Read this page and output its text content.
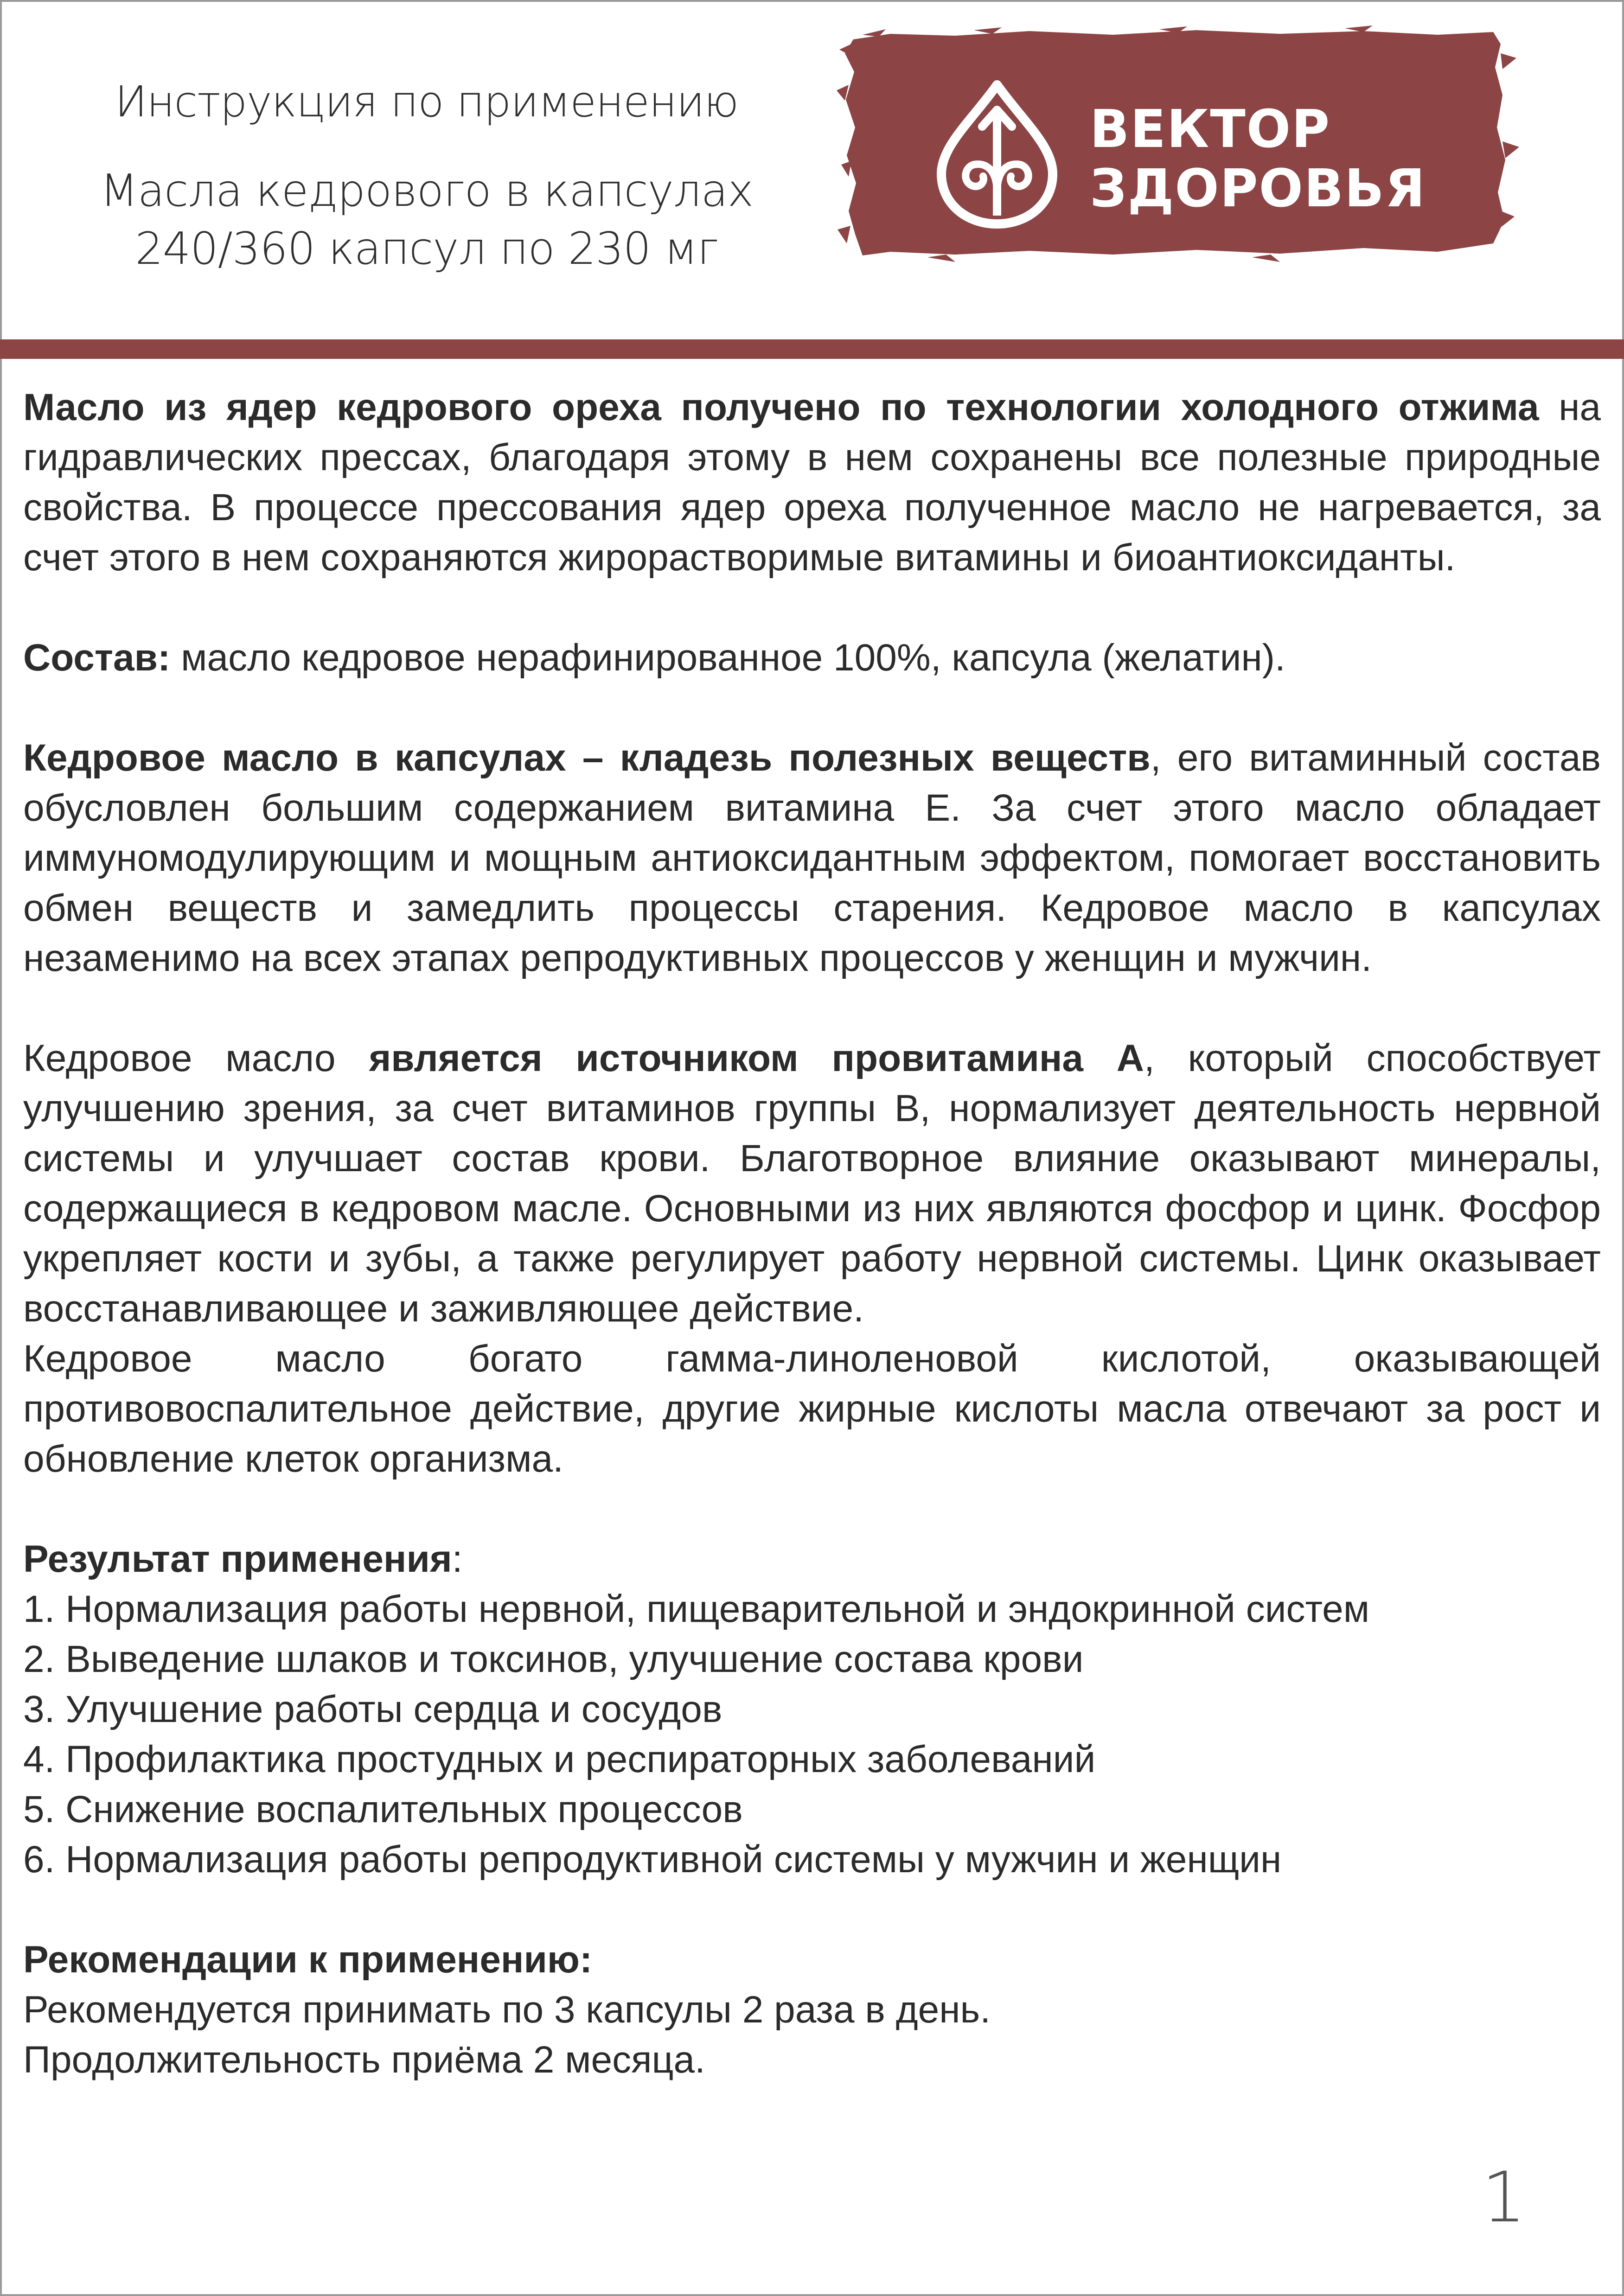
Инструкция по применению
Масла кедрового в капсулах
240/360 капсул по 230 мг
ВЕКТОР
ЗДОРОВЬЯ

Масло из ядер кедрового ореха получено по технологии холодного отжима на гидравлических прессах, благодаря этому в нем сохранены все полезные природные свойства. В процессе прессования ядер ореха полученное масло не нагревается, за счет этого в нем сохраняются жирорастворимые витамины и биоантиоксиданты.

Состав: масло кедровое нерафинированное 100%, капсула (желатин).

Кедровое масло в капсулах – кладезь полезных веществ, его витаминный состав обусловлен большим содержанием витамина Е. За счет этого масло обладает иммуномодулирующим и мощным антиоксидантным эффектом, помогает восстановить обмен веществ и замедлить процессы старения. Кедровое масло в капсулах незаменимо на всех этапах репродуктивных процессов у женщин и мужчин.

Кедровое масло является источником провитамина А, который способствует улучшению зрения, за счет витаминов группы В, нормализует деятельность нервной системы и улучшает состав крови. Благотворное влияние оказывают минералы, содержащиеся в кедровом масле. Основными из них являются фосфор и цинк. Фосфор укрепляет кости и зубы, а также регулирует работу нервной системы. Цинк оказывает восстанавливающее и заживляющее действие.

Кедровое масло богато гамма-линоленовой кислотой, оказывающей противовоспалительное действие, другие жирные кислоты масла отвечают за рост и обновление клеток организма.

Результат применения:

1. Нормализация работы нервной, пищеварительной и эндокринной систем

2. Выведение шлаков и токсинов, улучшение состава крови

3. Улучшение работы сердца и сосудов

4. Профилактика простудных и респираторных заболеваний

5. Снижение воспалительных процессов

6. Нормализация работы репродуктивной системы у мужчин и женщин

Рекомендации к применению:

Рекомендуется принимать по 3 капсулы 2 раза в день.

Продолжительность приёма 2 месяца.

1
